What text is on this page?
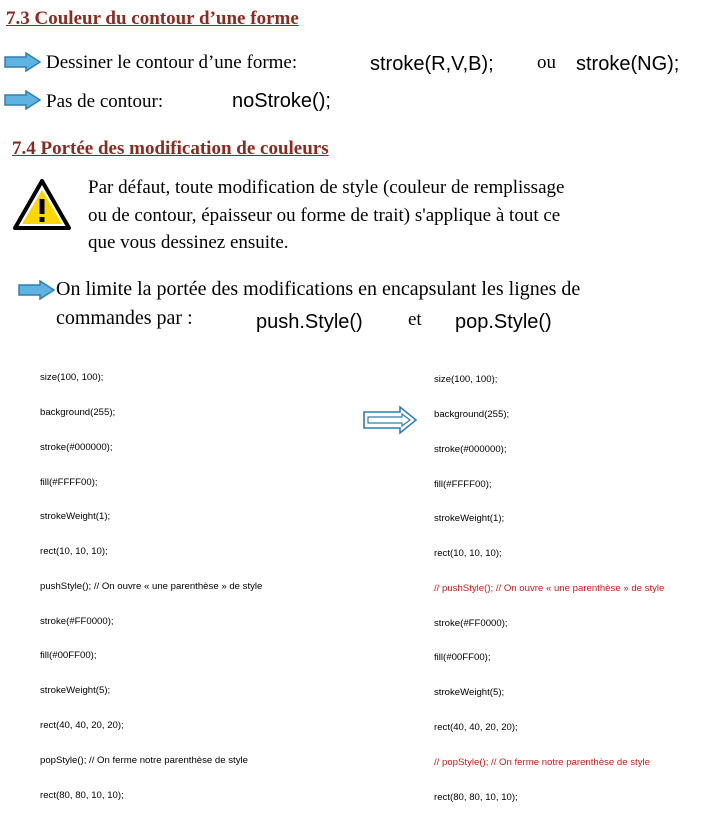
7.3 Couleur du contour d’une forme
Dessiner le contour d’une forme:	stroke(R,V,B); ou stroke(NG);
Pas de contour:	noStroke();
7.4 Portée des modification de couleurs
Par défaut, toute modification de style (couleur de remplissage
ou de contour, épaisseur ou forme de trait) s'applique à tout ce
que vous dessinez ensuite.
On limite la portée des modifications en encapsulant les lignes de
commandes par :	push.Style() et pop.Style()

size(100, 100);

background(255);

stroke(#000000);

fill(#FFFF00);

strokeWeight(1);

rect(10, 10, 10);

pushStyle(); // On ouvre « une parenthèse » de style

stroke(#FF0000);

fill(#00FF00);

strokeWeight(5);

rect(40, 40, 20, 20);

popStyle(); // On ferme notre parenthèse de style

rect(80, 80, 10, 10);

size(100, 100);

background(255);

stroke(#000000);

fill(#FFFF00);

strokeWeight(1);

rect(10, 10, 10);

// pushStyle(); // On ouvre « une parenthèse » de style

stroke(#FF0000);

fill(#00FF00);

strokeWeight(5);

rect(40, 40, 20, 20);

// popStyle(); // On ferme notre parenthèse de style

rect(80, 80, 10, 10);
